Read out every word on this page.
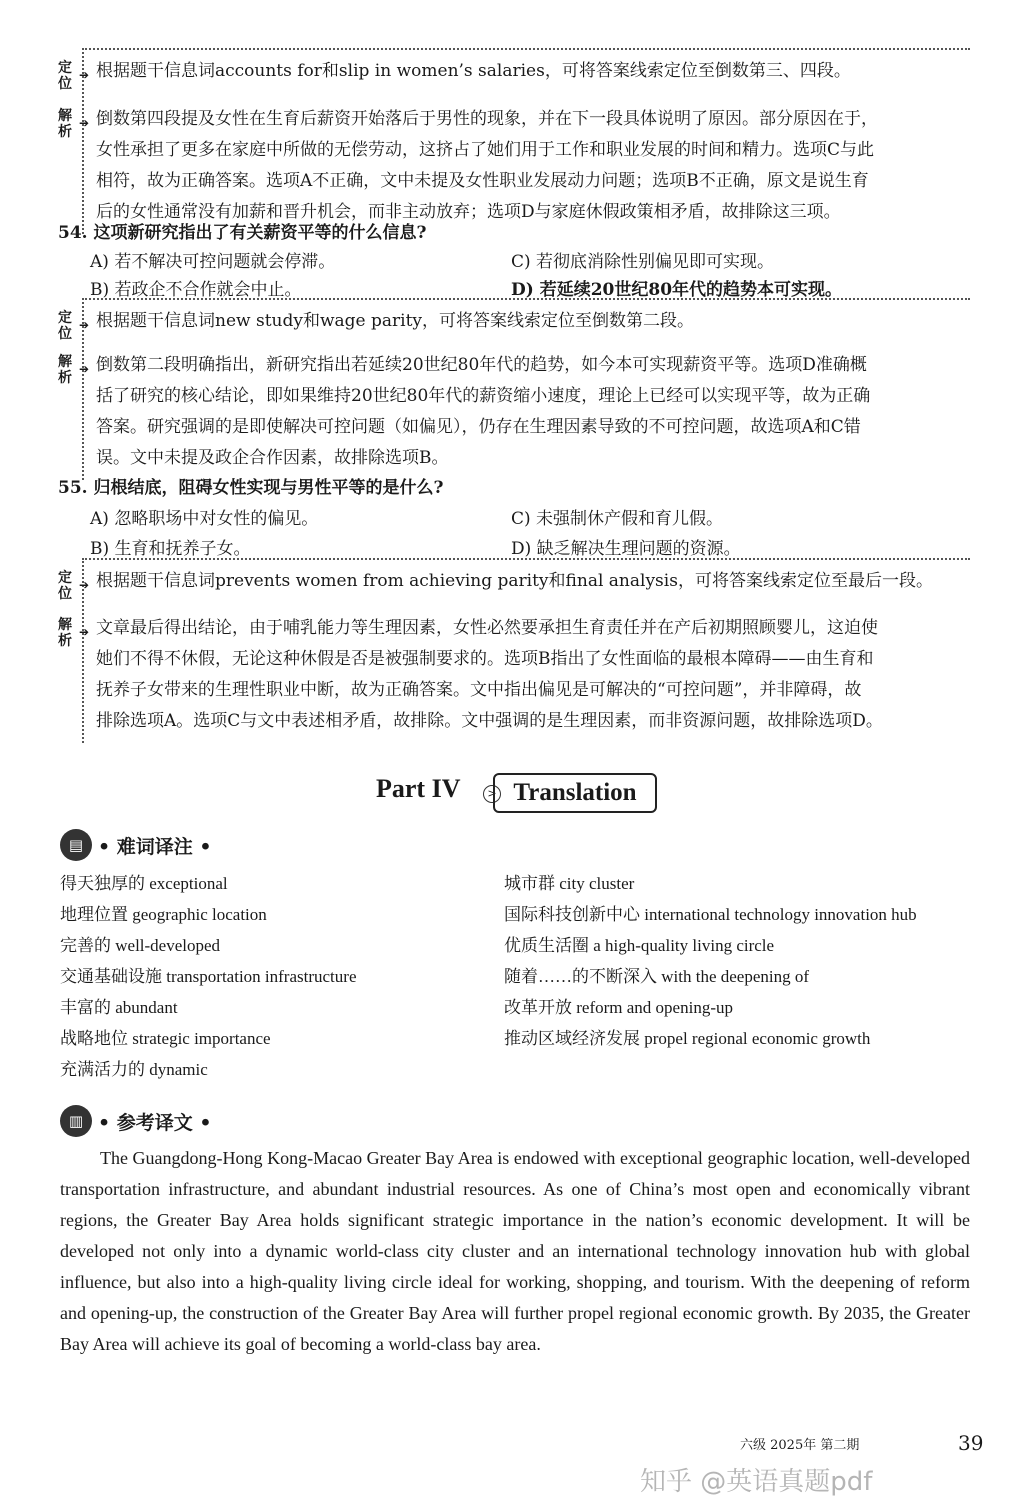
定位
➔ 根据题干信息词accounts for和slip in women’s salaries，可将答案线索定位至倒数第三、四段。
解析
➔ 倒数第四段提及女性在生育后薪资开始落后于男性的现象，并在下一段具体说明了原因。部分原因在于，
女性承担了更多在家庭中所做的无偿劳动，这挤占了她们用于工作和职业发展的时间和精力。选项C与此
相符，故为正确答案。选项A不正确，文中未提及女性职业发展动力问题；选项B不正确，原文是说生育
后的女性通常没有加薪和晋升机会，而非主动放弃；选项D与家庭休假政策相矛盾，故排除这三项。
54. 这项新研究指出了有关薪资平等的什么信息?
A) 若不解决可控问题就会停滞。	C) 若彻底消除性别偏见即可实现。
B) 若政企不合作就会中止。	D) 若延续20世纪80年代的趋势本可实现。
定位
➔ 根据题干信息词new study和wage parity，可将答案线索定位至倒数第二段。
解析
➔ 倒数第二段明确指出，新研究指出若延续20世纪80年代的趋势，如今本可实现薪资平等。选项D准确概
括了研究的核心结论，即如果维持20世纪80年代的薪资缩小速度，理论上已经可以实现平等，故为正确
答案。研究强调的是即使解决可控问题（如偏见），仍存在生理因素导致的不可控问题，故选项A和C错
误。文中未提及政企合作因素，故排除选项B。
55. 归根结底，阻碍女性实现与男性平等的是什么?
A) 忽略职场中对女性的偏见。	C) 未强制休产假和育儿假。
B) 生育和抚养子女。	D) 缺乏解决生理问题的资源。
定位
➔ 根据题干信息词prevents women from achieving parity和final analysis，可将答案线索定位至最后一段。
解析
➔ 文章最后得出结论，由于哺乳能力等生理因素，女性必然要承担生育责任并在产后初期照顾婴儿，这迫使
她们不得不休假，无论这种休假是否是被强制要求的。选项B指出了女性面临的最根本障碍——由生育和
抚养子女带来的生理性职业中断，故为正确答案。文中指出偏见是可解决的“可控问题”，并非障碍，故
排除选项A。选项C与文中表述相矛盾，故排除。文中强调的是生理因素，而非资源问题，故排除选项D。
Part IV	> Translation
▤ • 难词译注 •
得天独厚的 exceptional
地理位置 geographic location
完善的 well-developed
交通基础设施 transportation infrastructure
丰富的 abundant
战略地位 strategic importance
充满活力的 dynamic
城市群 city cluster
国际科技创新中心 international technology innovation hub
优质生活圈 a high-quality living circle
随着……的不断深入 with the deepening of
改革开放 reform and opening-up
推动区域经济发展 propel regional economic growth
▥ • 参考译文 •
The Guangdong-Hong Kong-Macao Greater Bay Area is endowed with exceptional geographic location, well-developed transportation infrastructure, and abundant industrial resources. As one of China’s most open and economically vibrant regions, the Greater Bay Area holds significant strategic importance in the nation’s economic development. It will be developed not only into a dynamic world-class city cluster and an international technology innovation hub with global influence, but also into a high-quality living circle ideal for working, shopping, and tourism. With the deepening of reform and opening-up, the construction of the Greater Bay Area will further propel regional economic growth. By 2035, the Greater Bay Area will achieve its goal of becoming a world-class bay area.
六级 2025年 第二期	39
知乎 @英语真题pdf
